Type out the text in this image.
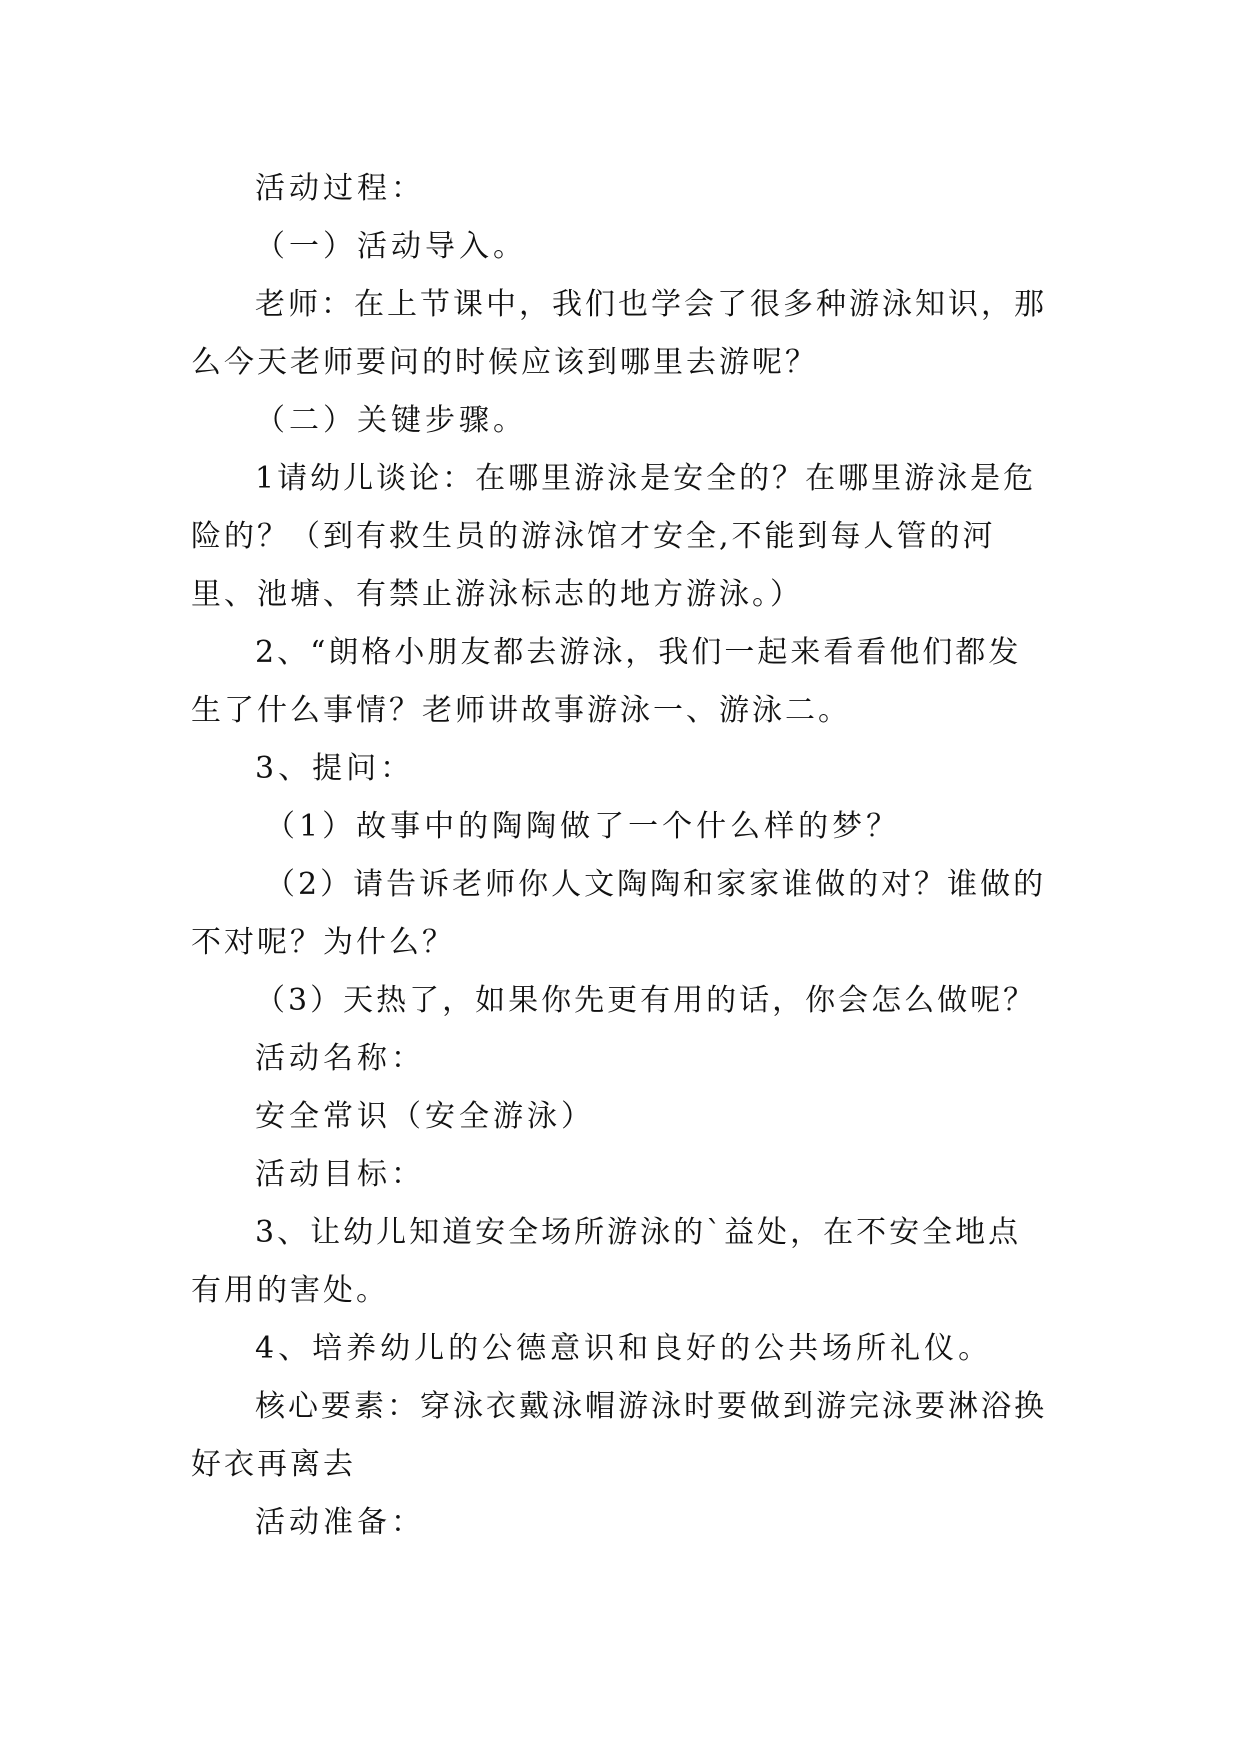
活动过程：

（一）活动导入。

老师：在上节课中，我们也学会了很多种游泳知识，那么今天老师要问的时候应该到哪里去游呢？

（二）关键步骤。

1请幼儿谈论：在哪里游泳是安全的？在哪里游泳是危险的？（到有救生员的游泳馆才安全,不能到每人管的河里、池塘、有禁止游泳标志的地方游泳。）

2、“朗格小朋友都去游泳，我们一起来看看他们都发生了什么事情？老师讲故事游泳一、游泳二。

3、提问：

（1）故事中的陶陶做了一个什么样的梦？

（2）请告诉老师你人文陶陶和家家谁做的对？谁做的不对呢？为什么？

（3）天热了，如果你先更有用的话，你会怎么做呢？

活动名称：

安全常识（安全游泳）

活动目标：

3、让幼儿知道安全场所游泳的`益处，在不安全地点有用的害处。

4、培养幼儿的公德意识和良好的公共场所礼仪。

核心要素：穿泳衣戴泳帽游泳时要做到游完泳要淋浴换好衣再离去

活动准备：
